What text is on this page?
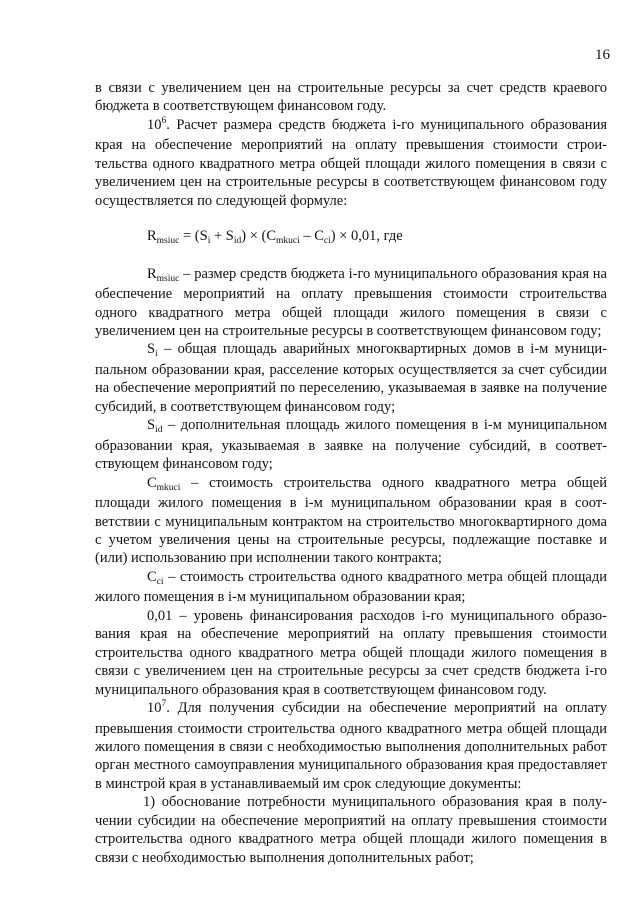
16

в связи с увеличением цен на строительные ресурсы за счет средств краевого бюджета в соответствующем финансовом году.

$10^6$. Расчет размера средств бюджета i-го муниципального образования края на обеспечение мероприятий на оплату превышения стоимости строительства одного квадратного метра общей площади жилого помещения в связи с увеличением цен на строительные ресурсы в соответствующем финансовом году осуществляется по следующей формуле:

$R_{msiuc} = (S_i + S_{id}) \times (C_{mkuci} - C_{ci}) \times 0,01$, где

$R_{msiuc}$ – размер средств бюджета i-го муниципального образования края на обеспечение мероприятий на оплату превышения стоимости строительства одного квадратного метра общей площади жилого помещения в связи с увеличением цен на строительные ресурсы в соответствующем финансовом году;

$S_i$ – общая площадь аварийных многоквартирных домов в i-м муниципальном образовании края, расселение которых осуществляется за счет субсидии на обеспечение мероприятий по переселению, указываемая в заявке на получение субсидий, в соответствующем финансовом году;

$S_{id}$ – дополнительная площадь жилого помещения в i-м муниципальном образовании края, указываемая в заявке на получение субсидий, в соответствующем финансовом году;

$C_{mkuci}$ – стоимость строительства одного квадратного метра общей площади жилого помещения в i-м муниципальном образовании края в соответствии с муниципальным контрактом на строительство многоквартирного дома с учетом увеличения цены на строительные ресурсы, подлежащие поставке и (или) использованию при исполнении такого контракта;

$C_{ci}$ – стоимость строительства одного квадратного метра общей площади жилого помещения в i-м муниципальном образовании края;

0,01 – уровень финансирования расходов i-го муниципального образования края на обеспечение мероприятий на оплату превышения стоимости строительства одного квадратного метра общей площади жилого помещения в связи с увеличением цен на строительные ресурсы за счет средств бюджета i-го муниципального образования края в соответствующем финансовом году.

$10^7$. Для получения субсидии на обеспечение мероприятий на оплату превышения стоимости строительства одного квадратного метра общей площади жилого помещения в связи с необходимостью выполнения дополнительных работ орган местного самоуправления муниципального образования края предоставляет в минстрой края в устанавливаемый им срок следующие документы:

1) обоснование потребности муниципального образования края в получении субсидии на обеспечение мероприятий на оплату превышения стоимости строительства одного квадратного метра общей площади жилого помещения в связи с необходимостью выполнения дополнительных работ;
